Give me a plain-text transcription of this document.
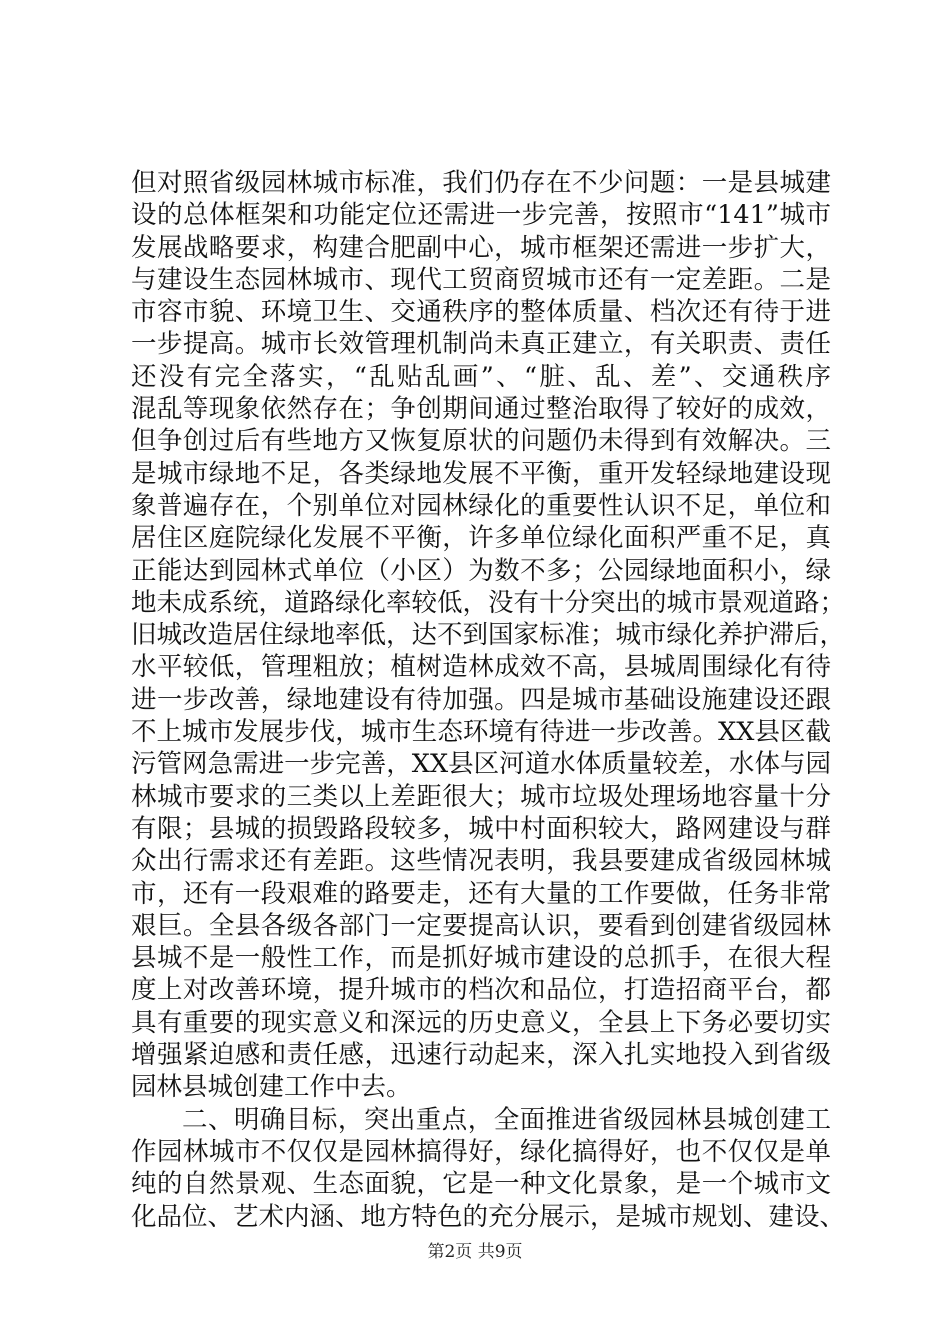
但对照省级园林城市标准，我们仍存在不少问题：一是县城建
设的总体框架和功能定位还需进一步完善，按照市“141”城市
发展战略要求，构建合肥副中心，城市框架还需进一步扩大，
与建设生态园林城市、现代工贸商贸城市还有一定差距。二是
市容市貌、环境卫生、交通秩序的整体质量、档次还有待于进
一步提高。城市长效管理机制尚未真正建立，有关职责、责任
还没有完全落实，“乱贴乱画”、“脏、乱、差”、交通秩序
混乱等现象依然存在；争创期间通过整治取得了较好的成效，
但争创过后有些地方又恢复原状的问题仍未得到有效解决。三
是城市绿地不足，各类绿地发展不平衡，重开发轻绿地建设现
象普遍存在，个别单位对园林绿化的重要性认识不足，单位和
居住区庭院绿化发展不平衡，许多单位绿化面积严重不足，真
正能达到园林式单位（小区）为数不多；公园绿地面积小，绿
地未成系统，道路绿化率较低，没有十分突出的城市景观道路；
旧城改造居住绿地率低，达不到国家标准；城市绿化养护滞后，
水平较低，管理粗放；植树造林成效不高，县城周围绿化有待
进一步改善，绿地建设有待加强。四是城市基础设施建设还跟
不上城市发展步伐，城市生态环境有待进一步改善。XX县区截
污管网急需进一步完善，XX县区河道水体质量较差，水体与园
林城市要求的三类以上差距很大；城市垃圾处理场地容量十分
有限；县城的损毁路段较多，城中村面积较大，路网建设与群
众出行需求还有差距。这些情况表明，我县要建成省级园林城
市，还有一段艰难的路要走，还有大量的工作要做，任务非常
艰巨。全县各级各部门一定要提高认识，要看到创建省级园林
县城不是一般性工作，而是抓好城市建设的总抓手，在很大程
度上对改善环境，提升城市的档次和品位，打造招商平台，都
具有重要的现实意义和深远的历史意义，全县上下务必要切实
增强紧迫感和责任感，迅速行动起来，深入扎实地投入到省级
园林县城创建工作中去。
二、明确目标，突出重点，全面推进省级园林县城创建工
作园林城市不仅仅是园林搞得好，绿化搞得好，也不仅仅是单
纯的自然景观、生态面貌，它是一种文化景象，是一个城市文
化品位、艺术内涵、地方特色的充分展示，是城市规划、建设、
第2页 共9页
